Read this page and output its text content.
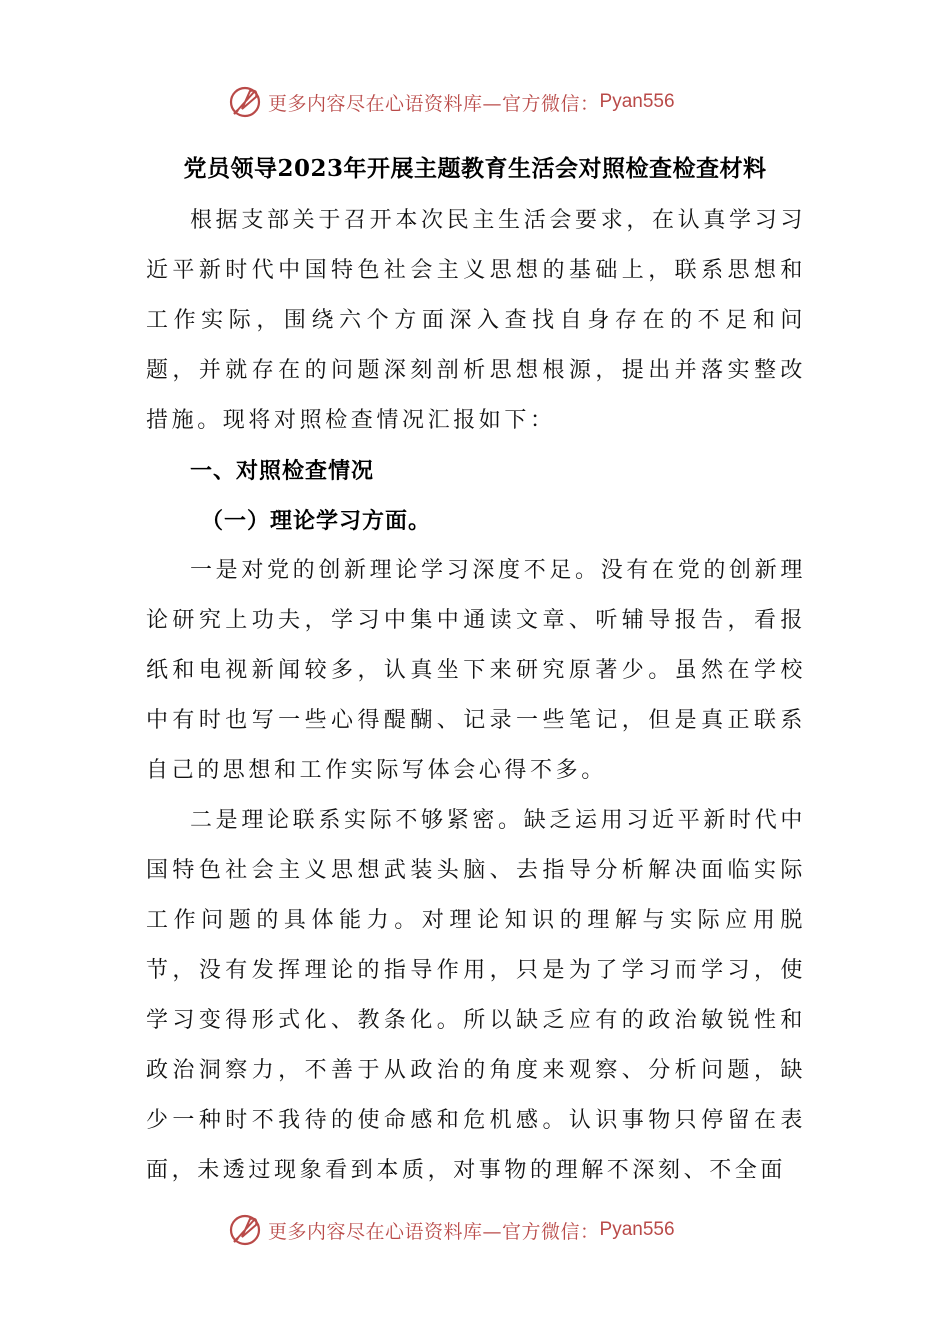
更多内容尽在心语资料库—官方微信： Pyan556
党员领导2023年开展主题教育生活会对照检查检查材料

根据支部关于召开本次民主生活会要求，在认真学习习近平新时代中国特色社会主义思想的基础上，联系思想和工作实际，围绕六个方面深入查找自身存在的不足和问题，并就存在的问题深刻剖析思想根源，提出并落实整改措施。现将对照检查情况汇报如下：

一、对照检查情况
（一）理论学习方面。

一是对党的创新理论学习深度不足。没有在党的创新理论研究上功夫，学习中集中通读文章、听辅导报告，看报纸和电视新闻较多，认真坐下来研究原著少。虽然在学校中有时也写一些心得醍醐、记录一些笔记，但是真正联系自己的思想和工作实际写体会心得不多。

二是理论联系实际不够紧密。缺乏运用习近平新时代中国特色社会主义思想武装头脑、去指导分析解决面临实际工作问题的具体能力。对理论知识的理解与实际应用脱节，没有发挥理论的指导作用，只是为了学习而学习，使学习变得形式化、教条化。所以缺乏应有的政治敏锐性和政治洞察力，不善于从政治的角度来观察、分析问题，缺少一种时不我待的使命感和危机感。认识事物只停留在表面，未透过现象看到本质，对事物的理解不深刻、不全面

更多内容尽在心语资料库—官方微信： Pyan556
